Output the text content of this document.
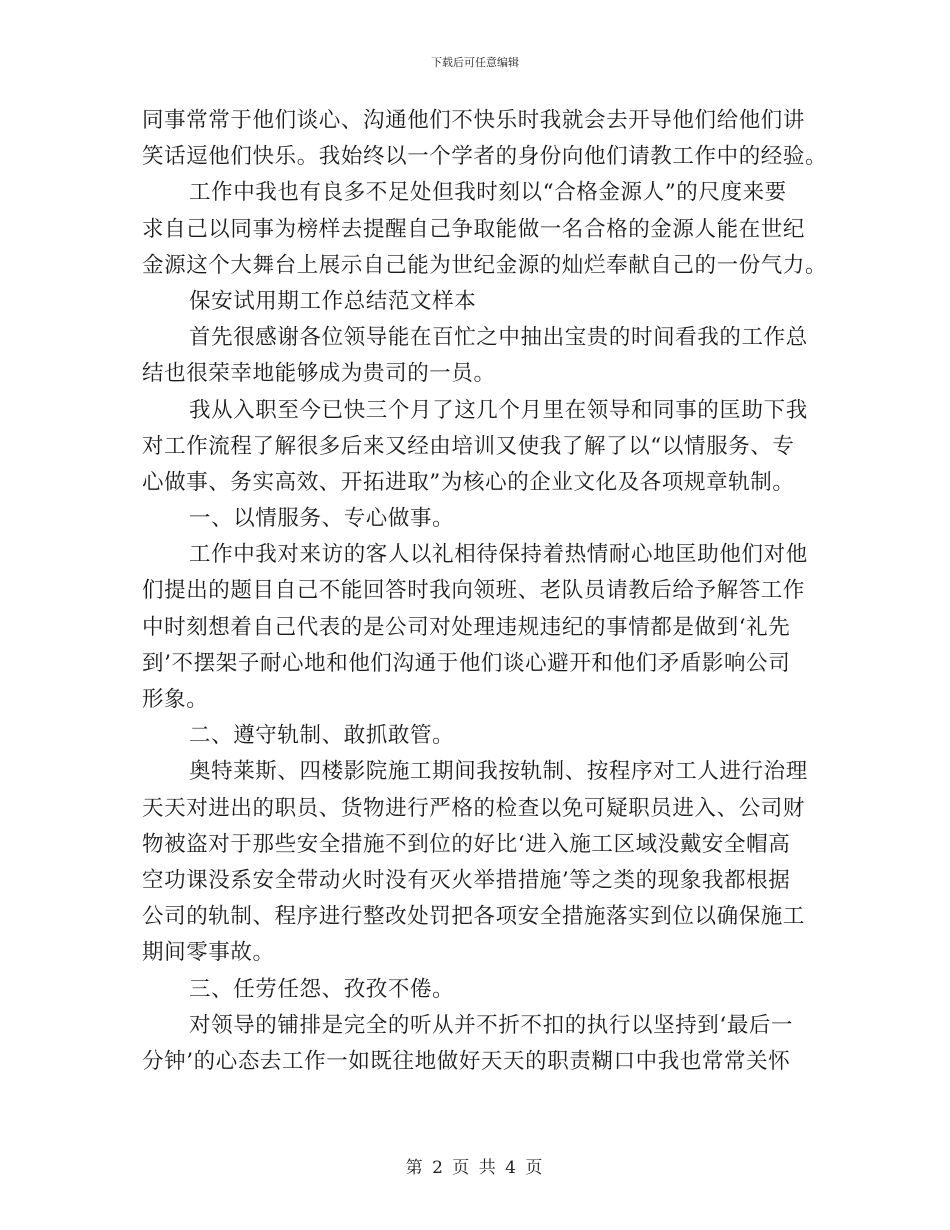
下载后可任意编辑
同事常常于他们谈心、沟通他们不快乐时我就会去开导他们给他们讲
笑话逗他们快乐。我始终以一个学者的身份向他们请教工作中的经验。
工作中我也有良多不足处但我时刻以“合格金源人”的尺度来要
求自己以同事为榜样去提醒自己争取能做一名合格的金源人能在世纪
金源这个大舞台上展示自己能为世纪金源的灿烂奉献自己的一份气力。
保安试用期工作总结范文样本
首先很感谢各位领导能在百忙之中抽出宝贵的时间看我的工作总
结也很荣幸地能够成为贵司的一员。
我从入职至今已快三个月了这几个月里在领导和同事的匡助下我
对工作流程了解很多后来又经由培训又使我了解了以“以情服务、专
心做事、务实高效、开拓进取”为核心的企业文化及各项规章轨制。
一、以情服务、专心做事。
工作中我对来访的客人以礼相待保持着热情耐心地匡助他们对他
们提出的题目自己不能回答时我向领班、老队员请教后给予解答工作
中时刻想着自己代表的是公司对处理违规违纪的事情都是做到‘礼先
到’不摆架子耐心地和他们沟通于他们谈心避开和他们矛盾影响公司
形象。
二、遵守轨制、敢抓敢管。
奥特莱斯、四楼影院施工期间我按轨制、按程序对工人进行治理
天天对进出的职员、货物进行严格的检查以免可疑职员进入、公司财
物被盗对于那些安全措施不到位的好比‘进入施工区域没戴安全帽高
空功课没系安全带动火时没有灭火举措措施’等之类的现象我都根据
公司的轨制、程序进行整改处罚把各项安全措施落实到位以确保施工
期间零事故。
三、任劳任怨、孜孜不倦。
对领导的铺排是完全的听从并不折不扣的执行以坚持到‘最后一
分钟’的心态去工作一如既往地做好天天的职责糊口中我也常常关怀
第 2 页 共 4 页
